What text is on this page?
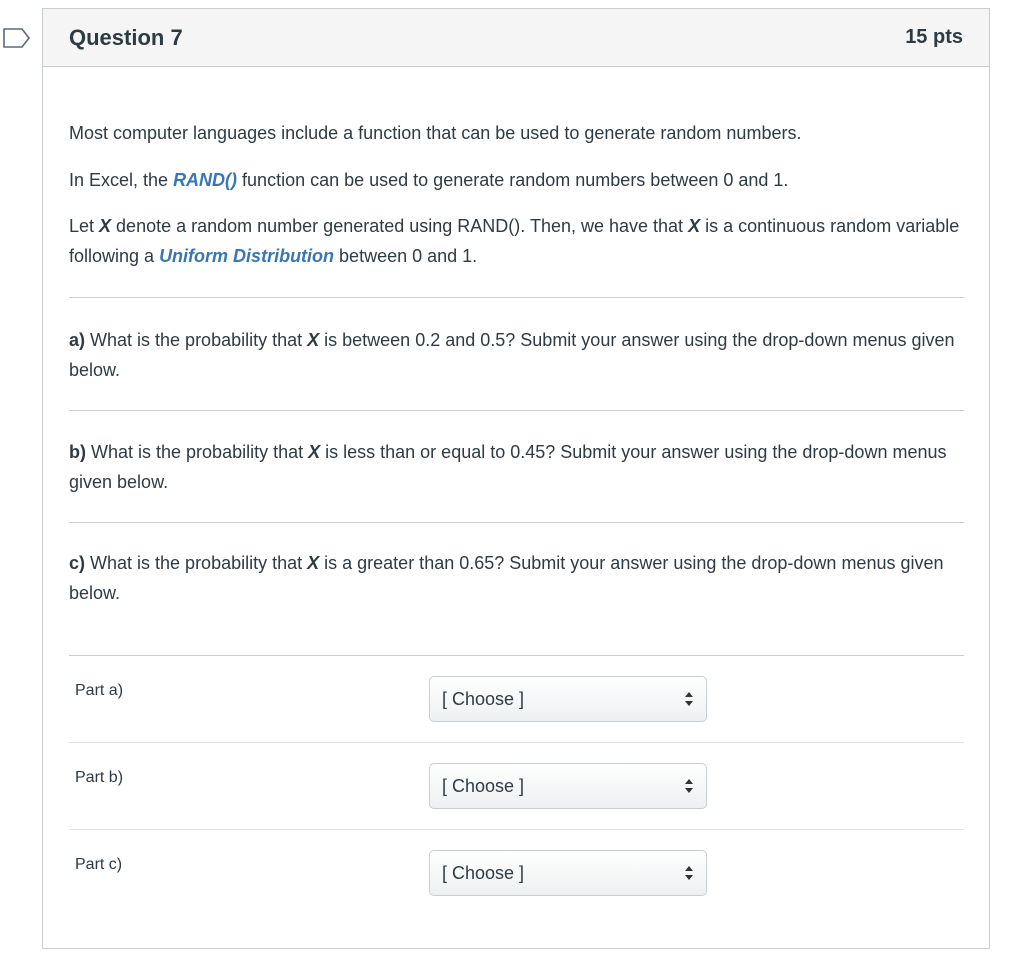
Question 7	15 pts

Most computer languages include a function that can be used to generate random numbers.

In Excel, the RAND() function can be used to generate random numbers between 0 and 1.

Let X denote a random number generated using RAND(). Then, we have that X is a continuous random variable following a Uniform Distribution between 0 and 1.

a) What is the probability that X is between 0.2 and 0.5? Submit your answer using the drop-down menus given below.

b) What is the probability that X is less than or equal to 0.45? Submit your answer using the drop-down menus given below.

c) What is the probability that X is a greater than 0.65? Submit your answer using the drop-down menus given below.

Part a)	[ Choose ]
Part b)	[ Choose ]
Part c)	[ Choose ]
